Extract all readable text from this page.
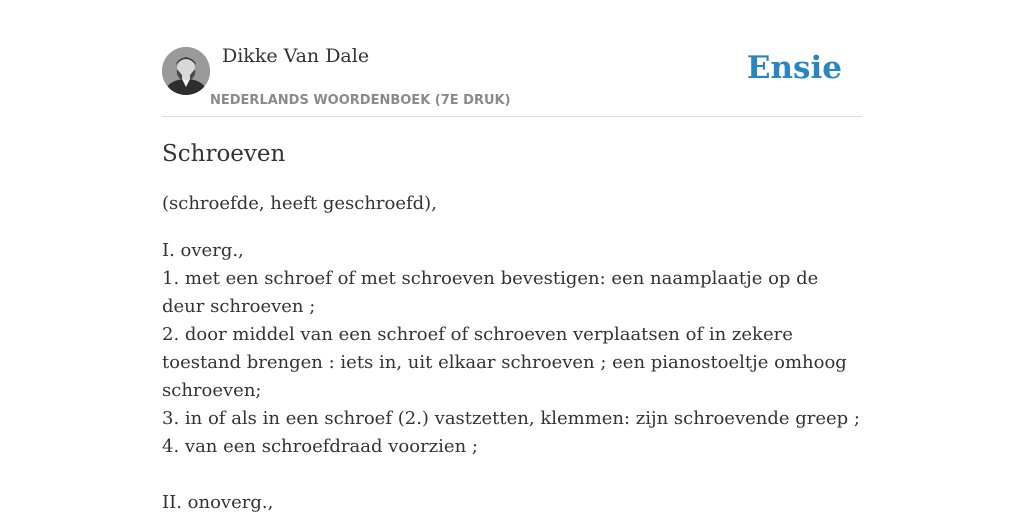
Dikke Van Dale
NEDERLANDS WOORDENBOEK (7E DRUK)
Ensie
Schroeven
(schroefde, heeft geschroefd),
I. overg.,
1. met een schroef of met schroeven bevestigen: een naamplaatje op de deur schroeven ;
2. door middel van een schroef of schroeven verplaatsen of in zekere toestand brengen : iets in, uit elkaar schroeven ; een pianostoeltje omhoog schroeven;
3. in of als in een schroef (2.) vastzetten, klemmen: zijn schroevende greep ;
4. van een schroefdraad voorzien ;
II. onoverg.,
